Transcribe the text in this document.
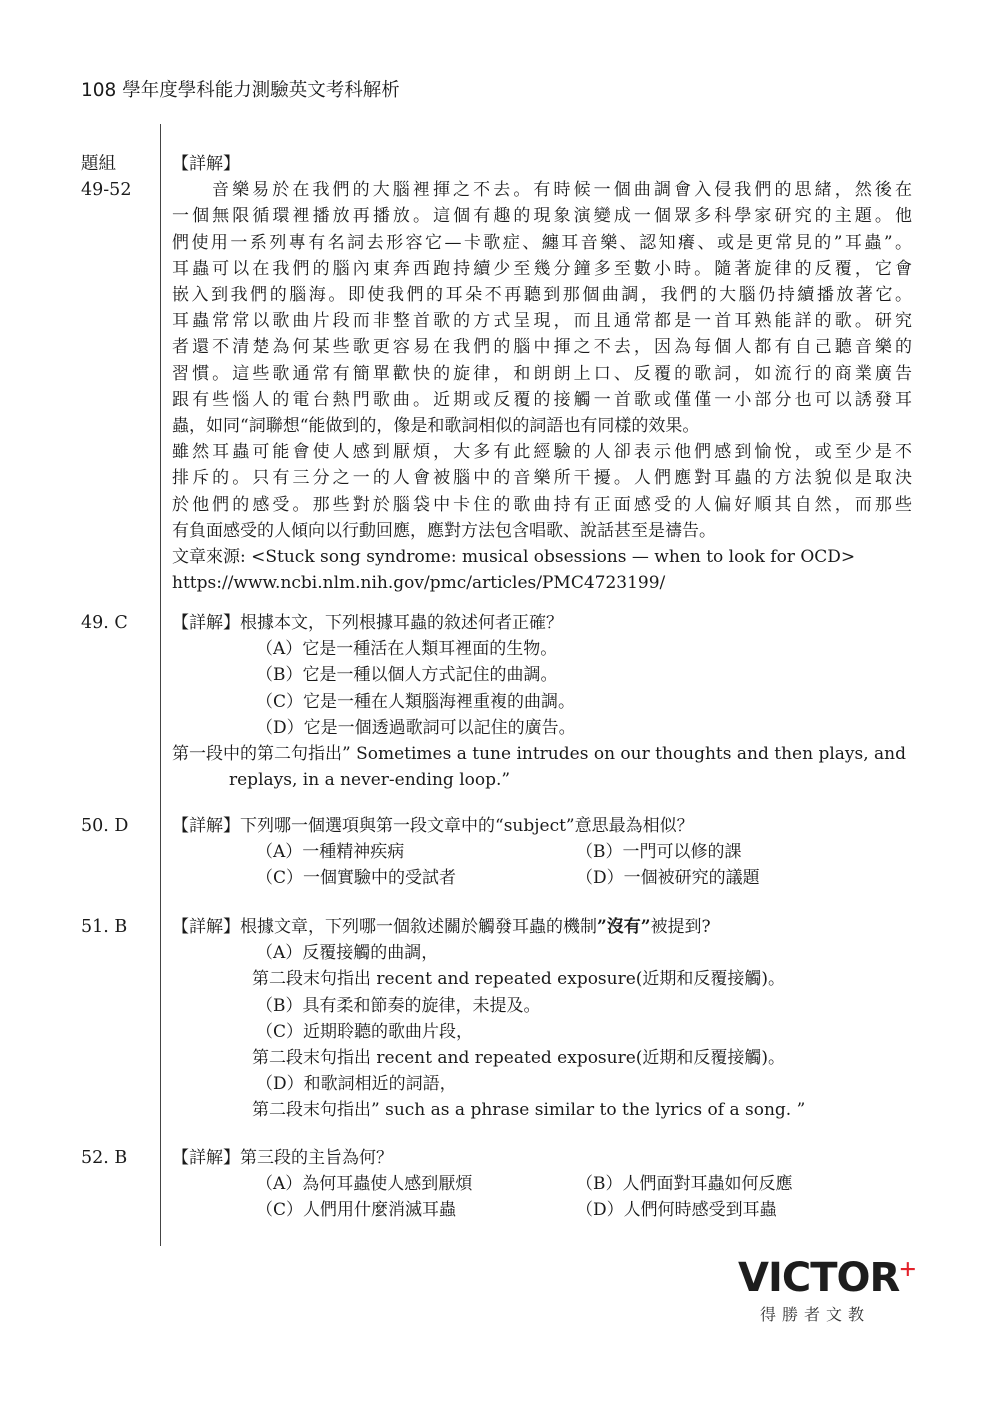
108 學年度學科能力測驗英文考科解析
題組
49-52

【詳解】

音樂易於在我們的大腦裡揮之不去。有時候一個曲調會入侵我們的思緒，然後在

一個無限循環裡播放再播放。這個有趣的現象演變成一個眾多科學家研究的主題。他

們使用一系列專有名詞去形容它—卡歌症、纏耳音樂、認知癢、或是更常見的”耳蟲”。

耳蟲可以在我們的腦內東奔西跑持續少至幾分鐘多至數小時。隨著旋律的反覆，它會

嵌入到我們的腦海。即使我們的耳朵不再聽到那個曲調，我們的大腦仍持續播放著它。

耳蟲常常以歌曲片段而非整首歌的方式呈現，而且通常都是一首耳熟能詳的歌。研究

者還不清楚為何某些歌更容易在我們的腦中揮之不去，因為每個人都有自己聽音樂的

習慣。這些歌通常有簡單歡快的旋律，和朗朗上口、反覆的歌詞，如流行的商業廣告

跟有些惱人的電台熱門歌曲。近期或反覆的接觸一首歌或僅僅一小部分也可以誘發耳

蟲，如同“詞聯想“能做到的，像是和歌詞相似的詞語也有同樣的效果。

雖然耳蟲可能會使人感到厭煩，大多有此經驗的人卻表示他們感到愉悅，或至少是不

排斥的。只有三分之一的人會被腦中的音樂所干擾。人們應對耳蟲的方法貌似是取決

於他們的感受。那些對於腦袋中卡住的歌曲持有正面感受的人偏好順其自然，而那些

有負面感受的人傾向以行動回應，應對方法包含唱歌、說話甚至是禱告。

文章來源: <Stuck song syndrome: musical obsessions — when to look for OCD>

https://www.ncbi.nlm.nih.gov/pmc/articles/PMC4723199/

49. C	【詳解】根據本文，下列根據耳蟲的敘述何者正確？

（A）它是一種活在人類耳裡面的生物。

（B）它是一種以個人方式記住的曲調。

（C）它是一種在人類腦海裡重複的曲調。

（D）它是一個透過歌詞可以記住的廣告。

第一段中的第二句指出” Sometimes a tune intrudes on our thoughts and then plays, and

replays, in a never-ending loop.”

50. D	【詳解】下列哪一個選項與第一段文章中的“subject”意思最為相似？

（A）一種精神疾病	（B）一門可以修的課
（C）一個實驗中的受試者	（D）一個被研究的議題
51. B	【詳解】根據文章，下列哪一個敘述關於觸發耳蟲的機制”沒有”被提到?

（A）反覆接觸的曲調，

第二段末句指出 recent and repeated exposure(近期和反覆接觸)。

（B）具有柔和節奏的旋律，未提及。

（C）近期聆聽的歌曲片段，

第二段末句指出 recent and repeated exposure(近期和反覆接觸)。

（D）和歌詞相近的詞語，

第二段末句指出” such as a phrase similar to the lyrics of a song. ”

52. B	【詳解】第三段的主旨為何？

（A）為何耳蟲使人感到厭煩	（B）人們面對耳蟲如何反應
（C）人們用什麼消滅耳蟲	（D）人們何時感受到耳蟲
VICTOR+
得勝者文教
